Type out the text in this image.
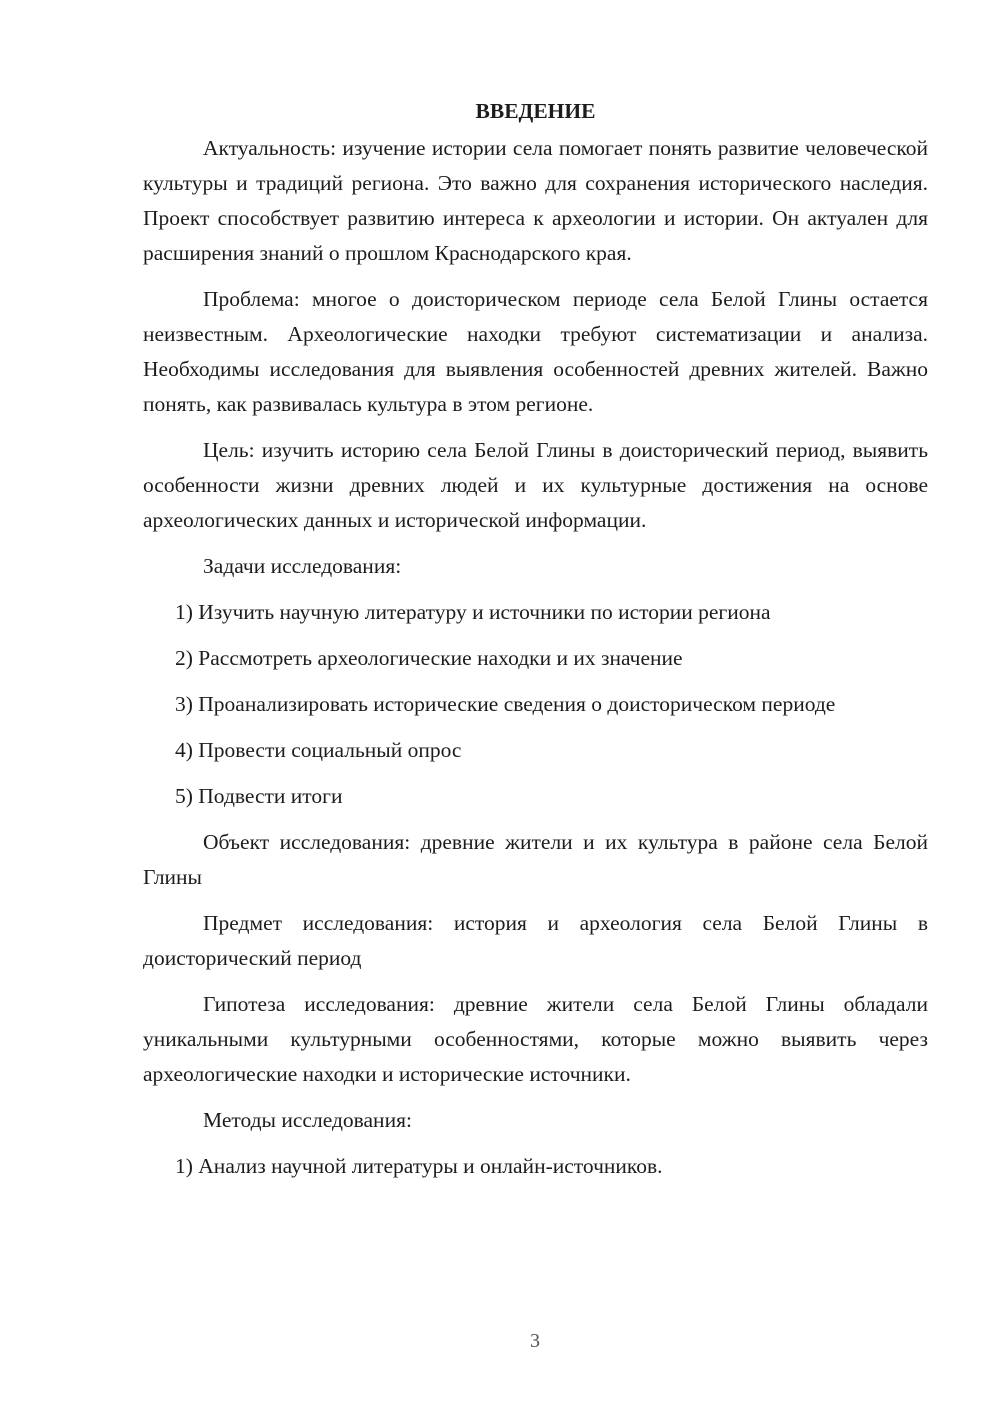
ВВЕДЕНИЕ

Актуальность: изучение истории села помогает понять развитие человеческой культуры и традиций региона. Это важно для сохранения исторического наследия. Проект способствует развитию интереса к археологии и истории. Он актуален для расширения знаний о прошлом Краснодарского края.

Проблема: многое о доисторическом периоде села Белой Глины остается неизвестным. Археологические находки требуют систематизации и анализа. Необходимы исследования для выявления особенностей древних жителей. Важно понять, как развивалась культура в этом регионе.

Цель: изучить историю села Белой Глины в доисторический период, выявить особенности жизни древних людей и их культурные достижения на основе археологических данных и исторической информации.

Задачи исследования:

1) Изучить научную литературу и источники по истории региона

2) Рассмотреть археологические находки и их значение

3) Проанализировать исторические сведения о доисторическом периоде

4) Провести социальный опрос

5) Подвести итоги

Объект исследования: древние жители и их культура в районе села Белой Глины

Предмет исследования: история и археология села Белой Глины в доисторический период

Гипотеза исследования: древние жители села Белой Глины обладали уникальными культурными особенностями, которые можно выявить через археологические находки и исторические источники.

Методы исследования:

1) Анализ научной литературы и онлайн-источников.

3
